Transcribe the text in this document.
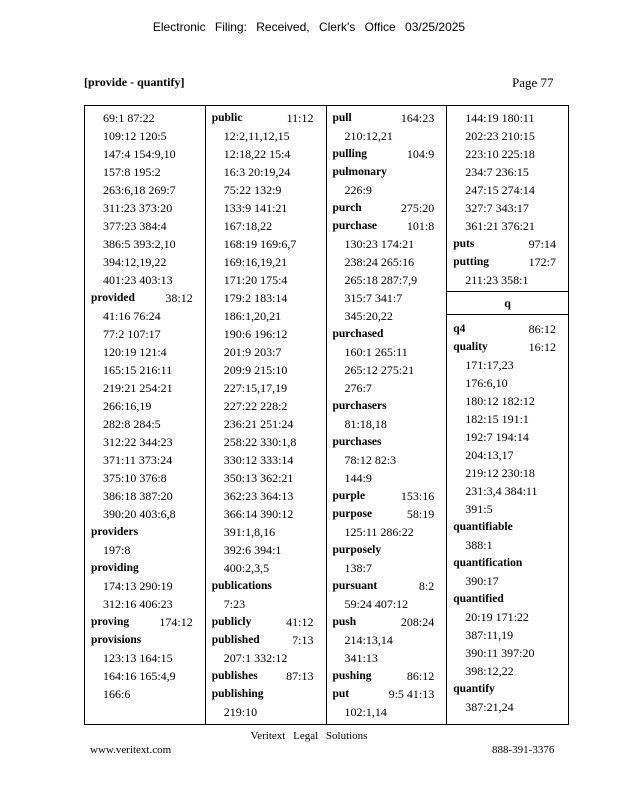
Electronic Filing: Received, Clerk's Office 03/25/2025
[provide - quantify]	Page 77
69:1 87:22
109:12 120:5
147:4 154:9,10
157:8 195:2
263:6,18 269:7
311:23 373:20
377:23 384:4
386:5 393:2,10
394:12,19,22
401:23 403:13
provided	38:12
41:16 76:24
77:2 107:17
120:19 121:4
165:15 216:11
219:21 254:21
266:16,19
282:8 284:5
312:22 344:23
371:11 373:24
375:10 376:8
386:18 387:20
390:20 403:6,8
providers
197:8
providing
174:13 290:19
312:16 406:23
proving	174:12
provisions
123:13 164:15
164:16 165:4,9
166:6
public	11:12
12:2,11,12,15
12:18,22 15:4
16:3 20:19,24
75:22 132:9
133:9 141:21
167:18,22
168:19 169:6,7
169:16,19,21
171:20 175:4
179:2 183:14
186:1,20,21
190:6 196:12
201:9 203:7
209:9 215:10
227:15,17,19
227:22 228:2
236:21 251:24
258:22 330:1,8
330:12 333:14
350:13 362:21
362:23 364:13
366:14 390:12
391:1,8,16
392:6 394:1
400:2,3,5
publications
7:23
publicly	41:12
published	7:13
207:1 332:12
publishes 87:13
publishing
219:10
pull	164:23
210:12,21
pulling	104:9
pulmonary
226:9
purch	275:20
purchase 101:8
130:23 174:21
238:24 265:16
265:18 287:7,9
315:7 341:7
345:20,22
purchased
160:1 265:11
265:12 275:21
276:7
purchasers
81:18,18
purchases
78:12 82:3
144:9
purple	153:16
purpose	58:19
125:11 286:22
purposely
138:7
pursuant	8:2
59:24 407:12
push	208:24
214:13,14
341:13
pushing	86:12
put	9:5 41:13
102:1,14
144:19 180:11
202:23 210:15
223:10 225:18
234:7 236:15
247:15 274:14
327:7 343:17
361:21 376:21
puts	97:14
putting	172:7
211:23 358:1
q
q4	86:12
quality	16:12
171:17,23
176:6,10
180:12 182:12
182:15 191:1
192:7 194:14
204:13,17
219:12 230:18
231:3,4 384:11
391:5
quantifiable
388:1
quantification
390:17
quantified
20:19 171:22
387:11,19
390:11 397:20
398:12,22
quantify
387:21,24
Veritext Legal Solutions
www.veritext.com	888-391-3376
